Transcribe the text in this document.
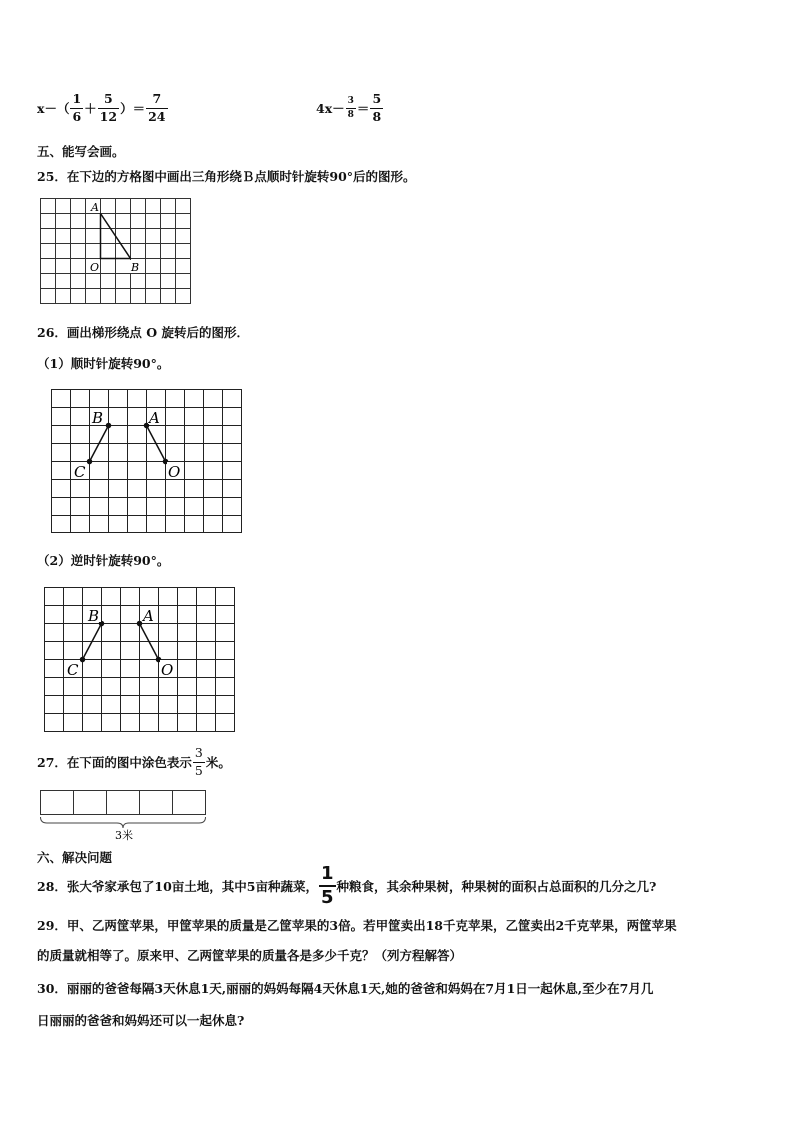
$x-( \frac{1}{6} + \frac{5}{12}$ ）＝ $\frac{7}{24}$	$4x- \frac{3}{8} = \frac{5}{8}$
五、能写会画。
25．在下边的方格图中画出三角形绕Ｂ点顺时针旋转90°后的图形。
A
O	B
26．画出梯形绕点 O 旋转后的图形．
（1）顺时针旋转90°。
B	A
C	O
（2）逆时针旋转90°。
B	A
C	O
27．在下面的图中涂色表示 $\frac{3}{5}$ 米。
3米
六、解决问题
28．张大爷家承包了10亩土地，其中5亩种蔬菜， $\frac{1}{5}$ 种粮食，其余种果树，种果树的面积占总面积的几分之几?
29．甲、乙两筐苹果，甲筐苹果的质量是乙筐苹果的3倍。若甲筐卖出18千克苹果，乙筐卖出2千克苹果，两筐苹果
的质量就相等了。原来甲、乙两筐苹果的质量各是多少千克？（列方程解答）
30．丽丽的爸爸每隔3天休息1天,丽丽的妈妈每隔4天休息1天,她的爸爸和妈妈在7月1日一起休息,至少在7月几
日丽丽的爸爸和妈妈还可以一起休息?
